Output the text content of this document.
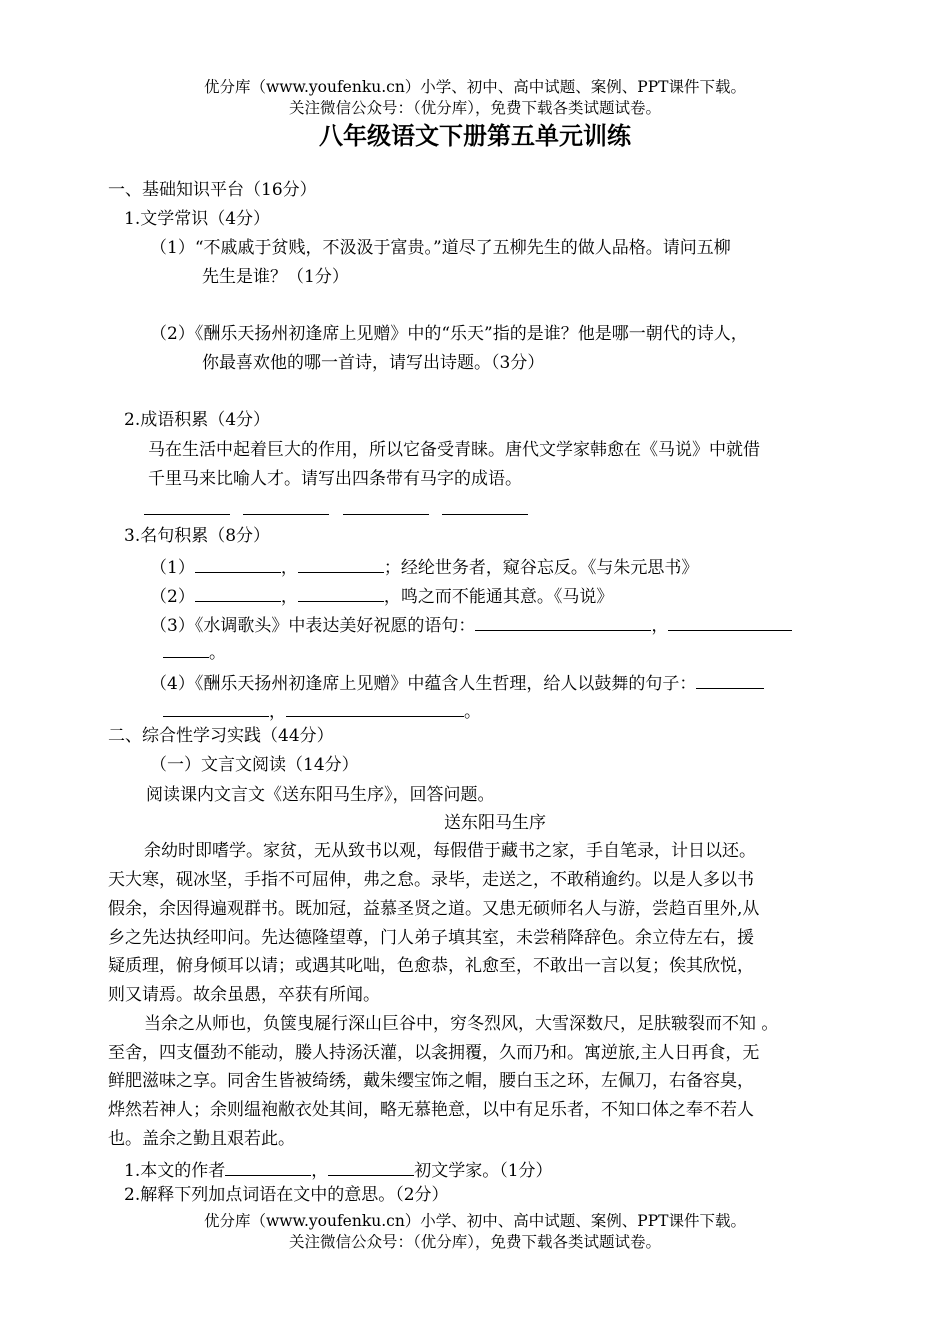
优分库（www.youfenku.cn）小学、初中、高中试题、案例、PPT课件下载。
关注微信公众号：（优分库），免费下载各类试题试卷。
八年级语文下册第五单元训练
一、基础知识平台（16分）
1.文学常识（4分）
（1）“不戚戚于贫贱，不汲汲于富贵。”道尽了五柳先生的做人品格。请问五柳
先生是谁？（1分）
（2）《酬乐天扬州初逢席上见赠》中的“乐天”指的是谁？他是哪一朝代的诗人，
你最喜欢他的哪一首诗，请写出诗题。（3分）
2.成语积累（4分）
马在生活中起着巨大的作用，所以它备受青睐。唐代文学家韩愈在《马说》中就借
千里马来比喻人才。请写出四条带有马字的成语。

3.名句积累（8分）
（1）	，	；经纶世务者，窥谷忘反。《与朱元思书》
（2）	，	，鸣之而不能通其意。《马说》
（3）《水调歌头》中表达美好祝愿的语句：	，
。
（4）《酬乐天扬州初逢席上见赠》中蕴含人生哲理，给人以鼓舞的句子：
，	。
二、综合性学习实践（44分）
（一）文言文阅读（14分）
阅读课内文言文《送东阳马生序》，回答问题。
送东阳马生序
余幼时即嗜学。家贫，无从致书以观，每假借于藏书之家，手自笔录，计日以还。
天大寒，砚冰坚，手指不可屈伸，弗之怠。录毕，走送之，不敢稍逾约。以是人多以书
假余，余因得遍观群书。既加冠，益慕圣贤之道。又患无硕师名人与游，尝趋百里外,从
乡之先达执经叩问。先达德隆望尊，门人弟子填其室，未尝稍降辞色。余立侍左右，援
疑质理，俯身倾耳以请；或遇其叱咄，色愈恭，礼愈至，不敢出一言以复；俟其欣悦，
则又请焉。故余虽愚，卒获有所闻。
当余之从师也，负箧曳屣行深山巨谷中，穷冬烈风，大雪深数尺，足肤皲裂而不知 。
至舍，四支僵劲不能动，媵人持汤沃灌，以衾拥覆，久而乃和。寓逆旅,主人日再食，无
鲜肥滋味之享。同舍生皆被绮绣，戴朱缨宝饰之帽，腰白玉之环，左佩刀，右备容臭，
烨然若神人；余则缊袍敝衣处其间，略无慕艳意，以中有足乐者，不知口体之奉不若人
也。盖余之勤且艰若此。
1.本文的作者	，	初文学家。（1分）
2.解释下列加点词语在文中的意思。（2分）
优分库（www.youfenku.cn）小学、初中、高中试题、案例、PPT课件下载。
关注微信公众号：（优分库），免费下载各类试题试卷。
